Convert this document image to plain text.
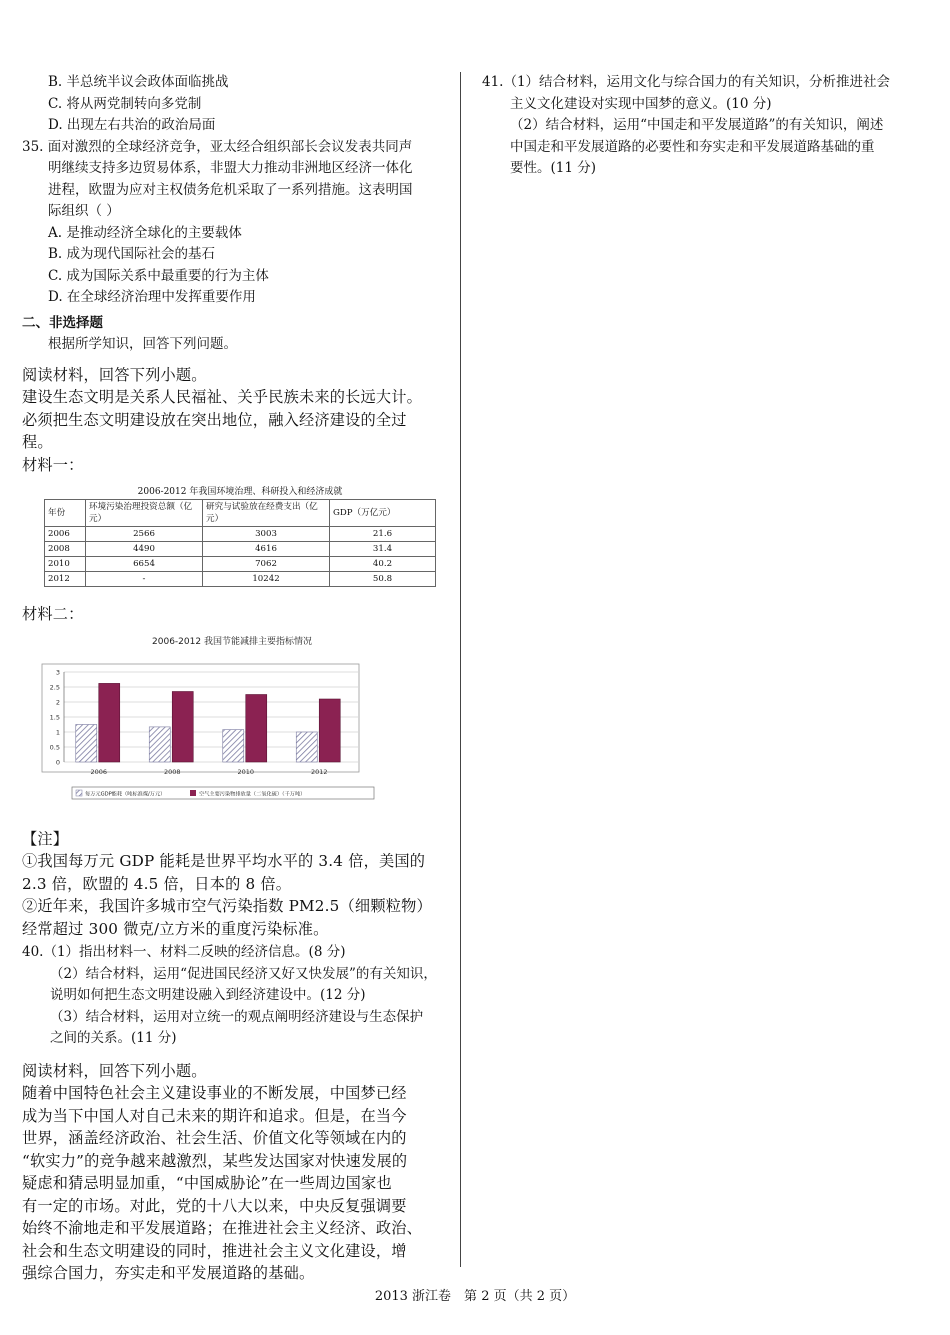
B. 半总统半议会政体面临挑战
C. 将从两党制转向多党制
D. 出现左右共治的政治局面
35. 面对激烈的全球经济竞争，亚太经合组织部长会议发表共同声
明继续支持多边贸易体系，非盟大力推动非洲地区经济一体化
进程，欧盟为应对主权债务危机采取了一系列措施。这表明国
际组织（ ）
A. 是推动经济全球化的主要载体
B. 成为现代国际社会的基石
C. 成为国际关系中最重要的行为主体
D. 在全球经济治理中发挥重要作用
二、非选择题
根据所学知识，回答下列问题。
阅读材料，回答下列小题。
建设生态文明是关系人民福祉、关乎民族未来的长远大计。
必须把生态文明建设放在突出地位，融入经济建设的全过
程。
材料一：
2006-2012 年我国环境治理、科研投入和经济成就
年份	环境污染治理投资总额（亿元）	研究与试验放在经费支出（亿元）	GDP（万亿元）
2006	2566	3003	21.6
2008	4490	4616	31.4
2010	6654	7062	40.2
2012	-	10242	50.8
材料二：
2006-2012 我国节能减排主要指标情况
0
0.5
1
1.5
2
2.5
3
2006	2008	2010	2012
每万元GDP能耗（吨标准煤/万元）	空气主要污染物排放量（二氧化硫）（千万吨）
【注】
①我国每万元 GDP 能耗是世界平均水平的 3.4 倍，美国的
2.3 倍，欧盟的 4.5 倍，日本的 8 倍。
②近年来，我国许多城市空气污染指数 PM2.5（细颗粒物）
经常超过 300 微克/立方米的重度污染标准。
40.（1）指出材料一、材料二反映的经济信息。(8 分)
（2）结合材料，运用“促进国民经济又好又快发展”的有关知识，
说明如何把生态文明建设融入到经济建设中。(12 分)
（3）结合材料，运用对立统一的观点阐明经济建设与生态保护
之间的关系。(11 分)
阅读材料，回答下列小题。
随着中国特色社会主义建设事业的不断发展，中国梦已经
成为当下中国人对自己未来的期许和追求。但是，在当今
世界，涵盖经济政治、社会生活、价值文化等领域在内的
“软实力”的竞争越来越激烈，某些发达国家对快速发展的
疑虑和猜忌明显加重，“中国威胁论”在一些周边国家也
有一定的市场。对此，党的十八大以来，中央反复强调要
始终不渝地走和平发展道路；在推进社会主义经济、政治、
社会和生态文明建设的同时，推进社会主义文化建设，增
强综合国力，夯实走和平发展道路的基础。
41.（1）结合材料，运用文化与综合国力的有关知识，分析推进社会
主义文化建设对实现中国梦的意义。(10 分)
（2）结合材料，运用“中国走和平发展道路”的有关知识，阐述
中国走和平发展道路的必要性和夯实走和平发展道路基础的重
要性。(11 分)
2013 浙江卷　第 2 页（共 2 页）
